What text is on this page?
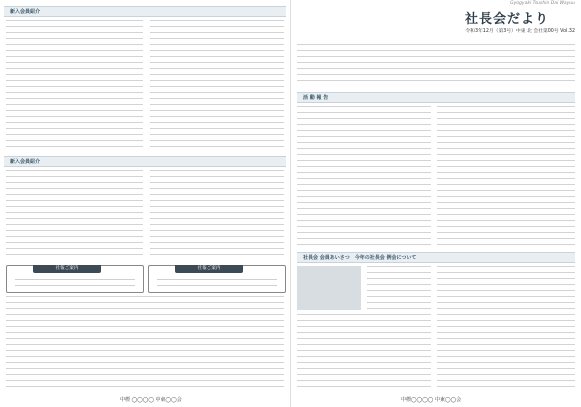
新入会員紹介
新入会員紹介
社報ご案内	社報ご案内
中標 ◯◯◯◯ 中東◯◯会
Gyogyaki Tsushin Dai Wayuu
社長会だより
令和3年12月（第3号）中東 北 会社第00号 Vol.32
活 動 報 告
社長会 会員あいさつ　今年の社長会 例会について
中標◯◯◯◯ 中東◯◯会
